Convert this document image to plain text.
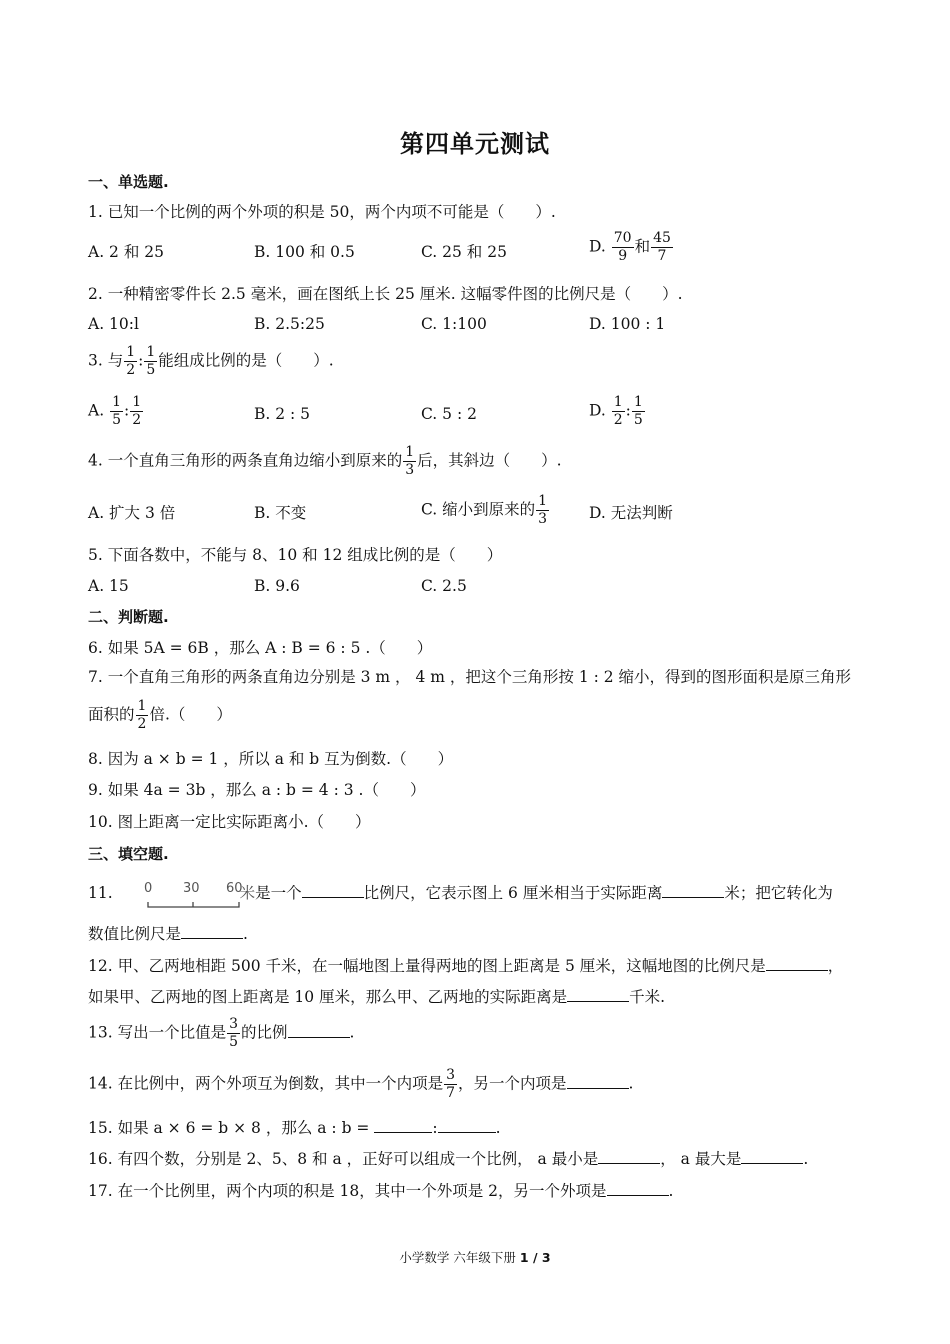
第四单元测试
一、单选题.
1. 已知一个比例的两个外项的积是 50，两个内项不可能是（　　）.
A. 2 和 25	B. 100 和 0.5	C. 25 和 25	D. $\frac{70}{9}$ 和 $\frac{45}{7}$
2. 一种精密零件长 2.5 毫米，画在图纸上长 25 厘米. 这幅零件图的比例尺是（　　）.
A. 10:l	B. 2.5:25	C. 1:100	D. 100 : 1
3. 与 $\frac{1}{2}$ : $\frac{1}{5}$ 能组成比例的是（　　）.
A. $\frac{1}{5}$ : $\frac{1}{2}$	B. 2 : 5	C. 5 : 2	D. $\frac{1}{2}$ : $\frac{1}{5}$
4. 一个直角三角形的两条直角边缩小到原来的 $\frac{1}{3}$ 后，其斜边（　　）.
A. 扩大 3 倍	B. 不变	C. 缩小到原来的 $\frac{1}{3}$	D. 无法判断
5. 下面各数中，不能与 8、10 和 12 组成比例的是（　　）
A. 15	B. 9.6	C. 2.5
二、判断题.
6. 如果 5A = 6B ，那么 A : B = 6 : 5 .（　　）
7. 一个直角三角形的两条直角边分别是 3 m ， 4 m ，把这个三角形按 1 : 2 缩小，得到的图形面积是原三角形
面积的 $\frac{1}{2}$ 倍.（　　）
8. 因为 a × b = 1 ，所以 a 和 b 互为倒数.（　　）
9. 如果 4a = 3b ，那么 a : b = 4 : 3 .（　　）
10. 图上距离一定比实际距离小.（　　）
三、填空题.
11. 0 30 60
米是一个	比例尺，它表示图上 6 厘米相当于实际距离	米；把它转化为
数值比例尺是	.
12. 甲、乙两地相距 500 千米，在一幅地图上量得两地的图上距离是 5 厘米，这幅地图的比例尺是	，
如果甲、乙两地的图上距离是 10 厘米，那么甲、乙两地的实际距离是	千米.
13. 写出一个比值是 $\frac{3}{5}$ 的比例	.
14. 在比例中，两个外项互为倒数，其中一个内项是 $\frac{3}{7}$ ，另一个内项是	.
15. 如果 a × 6 = b × 8 ，那么 a : b =	:	.
16. 有四个数，分别是 2、5、8 和 a ，正好可以组成一个比例， a 最小是	， a 最大是	.
17. 在一个比例里，两个内项的积是 18，其中一个外项是 2，另一个外项是	.
小学数学 六年级下册 1 / 3
